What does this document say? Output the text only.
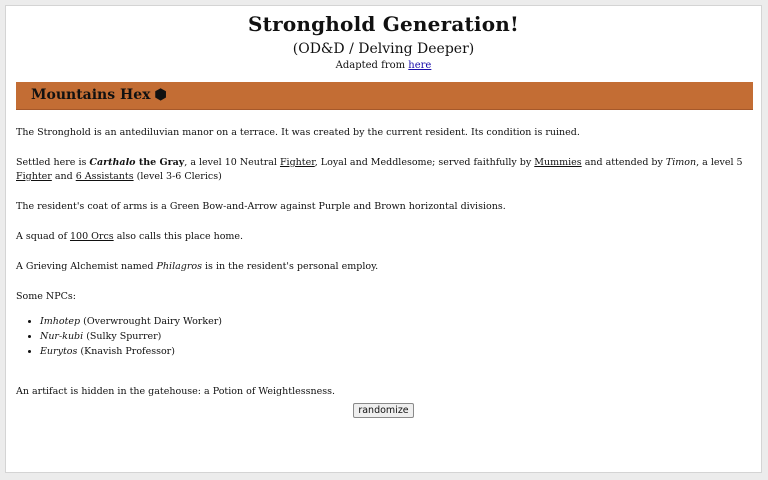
Stronghold Generation!

(OD&D / Delving Deeper)

Adapted from here

Mountains Hex ⬢

The Stronghold is an antediluvian manor on a terrace. It was created by the current resident. Its condition is ruined.

Settled here is Carthalo the Gray, a level 10 Neutral Fighter, Loyal and Meddlesome; served faithfully by Mummies and attended by Timon, a level 5 Fighter and 6 Assistants (level 3-6 Clerics)

The resident's coat of arms is a Green Bow-and-Arrow against Purple and Brown horizontal divisions.

A squad of 100 Orcs also calls this place home.

A Grieving Alchemist named Philagros is in the resident's personal employ.

Some NPCs:

• Imhotep (Overwrought Dairy Worker)
• Nur-kubi (Sulky Spurrer)
• Eurytos (Knavish Professor)

An artifact is hidden in the gatehouse: a Potion of Weightlessness.

randomize
